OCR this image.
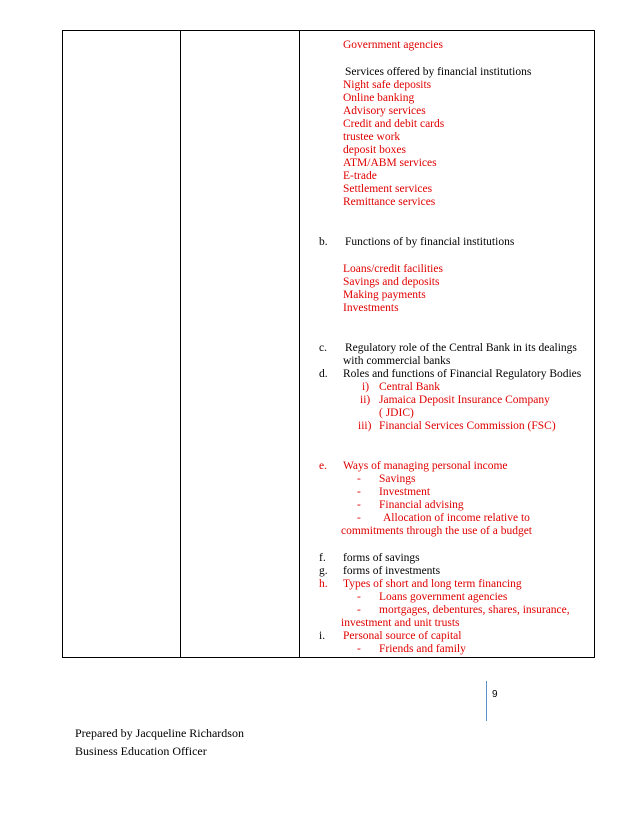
Government agencies
Services offered by financial institutions
Night safe deposits
Online banking
Advisory services
Credit and debit cards
trustee work
deposit boxes
ATM/ABM services
E-trade
Settlement services
Remittance services
b. Functions of by financial institutions
Loans/credit facilities
Savings and deposits
Making payments
Investments
c. Regulatory role of the Central Bank in its dealings
with commercial banks
d. Roles and functions of Financial Regulatory Bodies
i) Central Bank
ii) Jamaica Deposit Insurance Company
( JDIC)
iii) Financial Services Commission (FSC)
e. Ways of managing personal income
- Savings
- Investment
- Financial advising
- Allocation of income relative to
commitments through the use of a budget
f. forms of savings
g. forms of investments
h. Types of short and long term financing
- Loans government agencies
- mortgages, debentures, shares, insurance,
investment and unit trusts
i. Personal source of capital
- Friends and family
9
Prepared by Jacqueline Richardson
Business Education Officer
